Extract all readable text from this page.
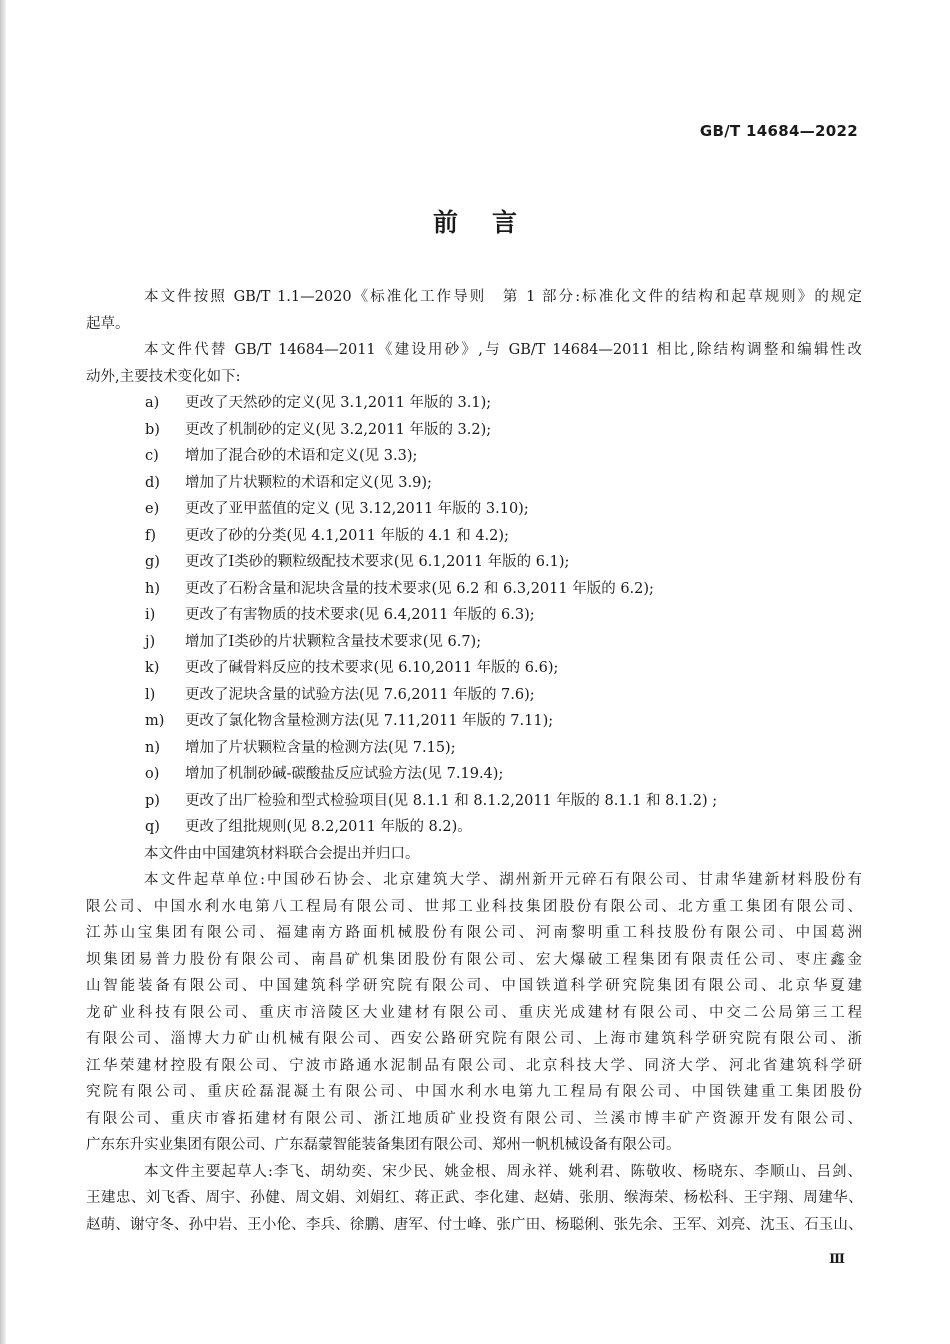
GB/T 14684—2022
前言

本文件按照 GB/T 1.1—2020《标准化工作导则　第 1 部分:标准化文件的结构和起草规则》的规定
起草。

本文件代替 GB/T 14684—2011《建设用砂》,与 GB/T 14684—2011 相比,除结构调整和编辑性改
动外,主要技术变化如下:

a) 更改了天然砂的定义(见 3.1,2011 年版的 3.1);
b) 更改了机制砂的定义(见 3.2,2011 年版的 3.2);
c) 增加了混合砂的术语和定义(见 3.3);
d) 增加了片状颗粒的术语和定义(见 3.9);
e) 更改了亚甲蓝值的定义 (见 3.12,2011 年版的 3.10);
f) 更改了砂的分类(见 4.1,2011 年版的 4.1 和 4.2);
g) 更改了Ⅰ类砂的颗粒级配技术要求(见 6.1,2011 年版的 6.1);
h) 更改了石粉含量和泥块含量的技术要求(见 6.2 和 6.3,2011 年版的 6.2);
i) 更改了有害物质的技术要求(见 6.4,2011 年版的 6.3);
j) 增加了Ⅰ类砂的片状颗粒含量技术要求(见 6.7);
k) 更改了碱骨料反应的技术要求(见 6.10,2011 年版的 6.6);
l) 更改了泥块含量的试验方法(见 7.6,2011 年版的 7.6);
m) 更改了氯化物含量检测方法(见 7.11,2011 年版的 7.11);
n) 增加了片状颗粒含量的检测方法(见 7.15);
o) 增加了机制砂碱-碳酸盐反应试验方法(见 7.19.4);
p) 更改了出厂检验和型式检验项目(见 8.1.1 和 8.1.2,2011 年版的 8.1.1 和 8.1.2) ;
q) 更改了组批规则(见 8.2,2011 年版的 8.2)。

本文件由中国建筑材料联合会提出并归口。

本文件起草单位:中国砂石协会、北京建筑大学、湖州新开元碎石有限公司、甘肃华建新材料股份有
限公司、中国水利水电第八工程局有限公司、世邦工业科技集团股份有限公司、北方重工集团有限公司、
江苏山宝集团有限公司、福建南方路面机械股份有限公司、河南黎明重工科技股份有限公司、中国葛洲
坝集团易普力股份有限公司、南昌矿机集团股份有限公司、宏大爆破工程集团有限责任公司、枣庄鑫金
山智能装备有限公司、中国建筑科学研究院有限公司、中国铁道科学研究院集团有限公司、北京华夏建
龙矿业科技有限公司、重庆市涪陵区大业建材有限公司、重庆光成建材有限公司、中交二公局第三工程
有限公司、淄博大力矿山机械有限公司、西安公路研究院有限公司、上海市建筑科学研究院有限公司、浙
江华荣建材控股有限公司、宁波市路通水泥制品有限公司、北京科技大学、同济大学、河北省建筑科学研
究院有限公司、重庆砼磊混凝土有限公司、中国水利水电第九工程局有限公司、中国铁建重工集团股份
有限公司、重庆市睿拓建材有限公司、浙江地质矿业投资有限公司、兰溪市博丰矿产资源开发有限公司、
广东东升实业集团有限公司、广东磊蒙智能装备集团有限公司、郑州一帆机械设备有限公司。

本文件主要起草人:李飞、胡幼奕、宋少民、姚金根、周永祥、姚利君、陈敬收、杨晓东、李顺山、吕剑、
王建忠、刘飞香、周宇、孙健、周文娟、刘娟红、蒋正武、李化建、赵婧、张朋、缑海荣、杨松科、王宇翔、周建华、
赵萌、谢守冬、孙中岩、王小伦、李兵、徐鹏、唐军、付士峰、张广田、杨聪俐、张先余、王军、刘亮、沈玉、石玉山、

Ⅲ
